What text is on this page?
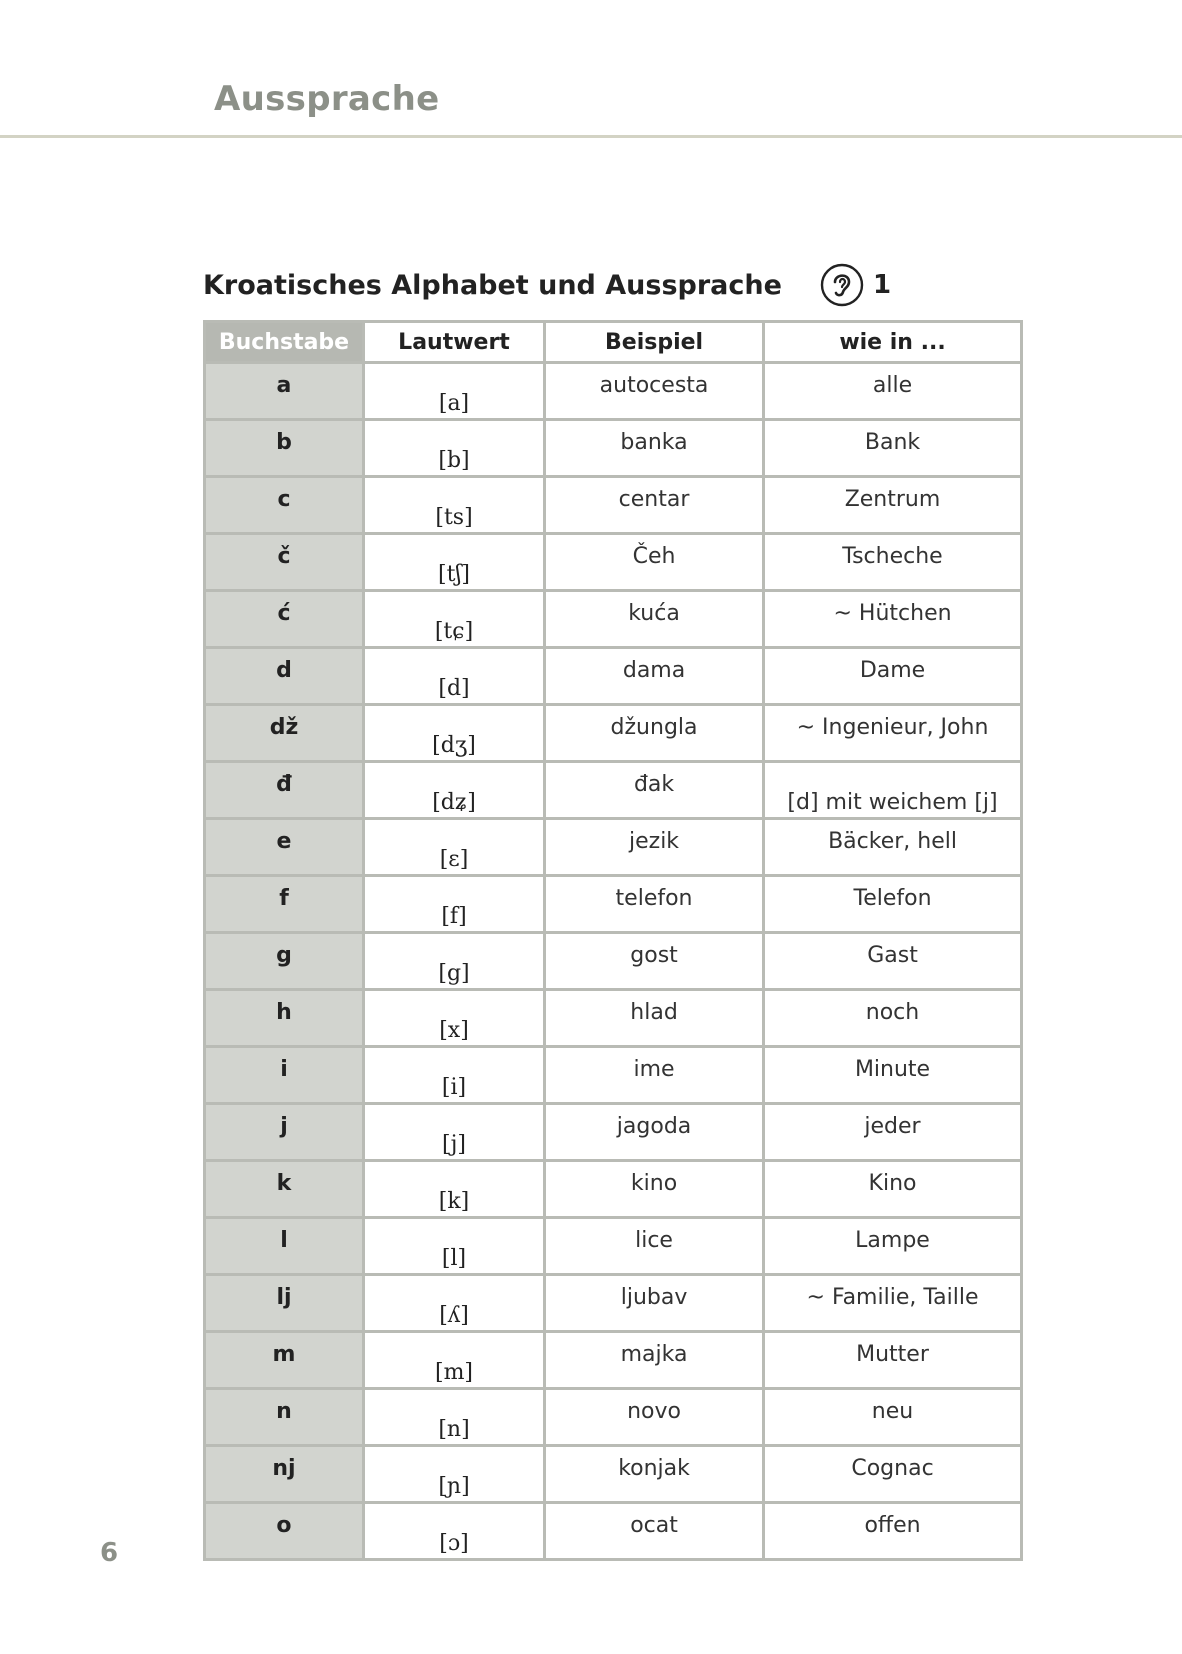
Aussprache
Kroatisches Alphabet und Aussprache	1
Buchstabe	Lautwert	Beispiel	wie in ...
a	[a]	autocesta	alle
b	[b]	banka	Bank
c	[ts]	centar	Zentrum
č	[tʃ]	Čeh	Tscheche
ć	[tɕ]	kuća	~ Hütchen
d	[d]	dama	Dame
dž	[dʒ]	džungla	~ Ingenieur, John
đ	[dʑ]	đak	[d] mit weichem [j]
e	[ɛ]	jezik	Bäcker, hell
f	[f]	telefon	Telefon
g	[g]	gost	Gast
h	[x]	hlad	noch
i	[i]	ime	Minute
j	[j]	jagoda	jeder
k	[k]	kino	Kino
l	[l]	lice	Lampe
lj	[ʎ]	ljubav	~ Familie, Taille
m	[m]	majka	Mutter
n	[n]	novo	neu
nj	[ɲ]	konjak	Cognac
o	[ɔ]	ocat	offen
6
